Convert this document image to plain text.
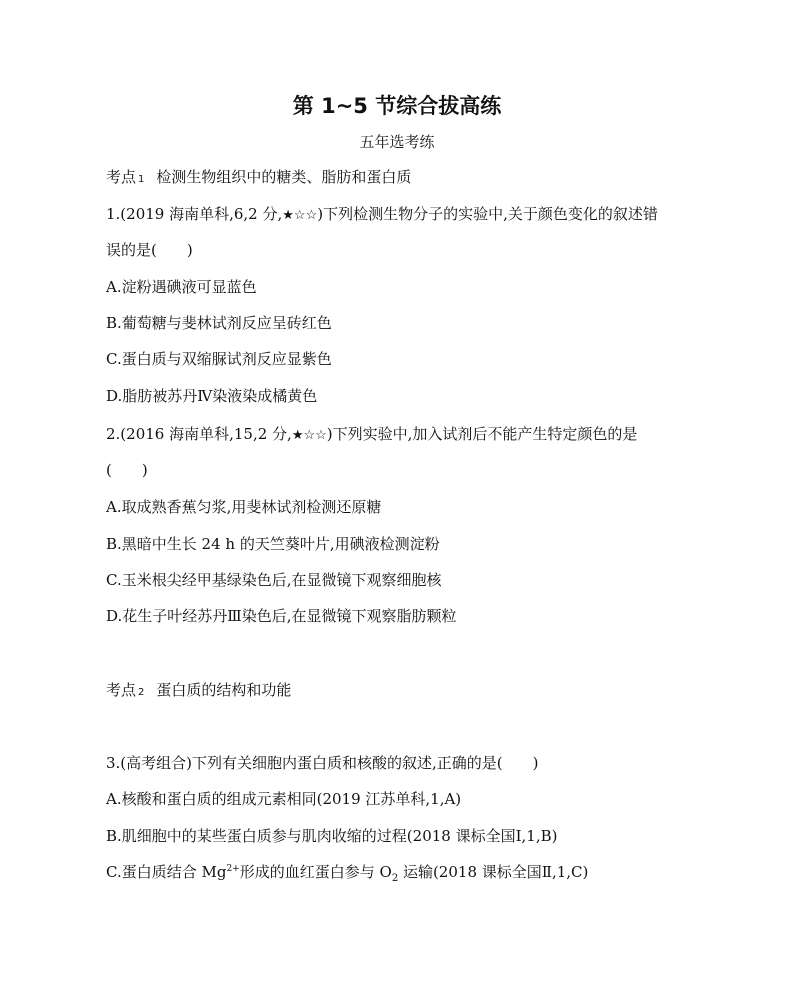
第 1~5 节综合拔高练
五年选考练
考点 1 检测生物组织中的糖类、脂肪和蛋白质
1.(2019 海南单科,6,2 分,★☆☆)下列检测生物分子的实验中,关于颜色变化的叙述错
误的是(　　)
A.淀粉遇碘液可显蓝色
B.葡萄糖与斐林试剂反应呈砖红色
C.蛋白质与双缩脲试剂反应显紫色
D.脂肪被苏丹Ⅳ染液染成橘黄色
2.(2016 海南单科,15,2 分,★☆☆)下列实验中,加入试剂后不能产生特定颜色的是
(　　)
A.取成熟香蕉匀浆,用斐林试剂检测还原糖
B.黑暗中生长 24 h 的天竺葵叶片,用碘液检测淀粉
C.玉米根尖经甲基绿染色后,在显微镜下观察细胞核
D.花生子叶经苏丹Ⅲ染色后,在显微镜下观察脂肪颗粒
考点 2 蛋白质的结构和功能
3.(高考组合)下列有关细胞内蛋白质和核酸的叙述,正确的是(　　)
A.核酸和蛋白质的组成元素相同(2019 江苏单科,1,A)
B.肌细胞中的某些蛋白质参与肌肉收缩的过程(2018 课标全国Ⅰ,1,B)
C.蛋白质结合 $Mg^{2+}$形成的血红蛋白参与 $O_2$ 运输(2018 课标全国Ⅱ,1,C)
